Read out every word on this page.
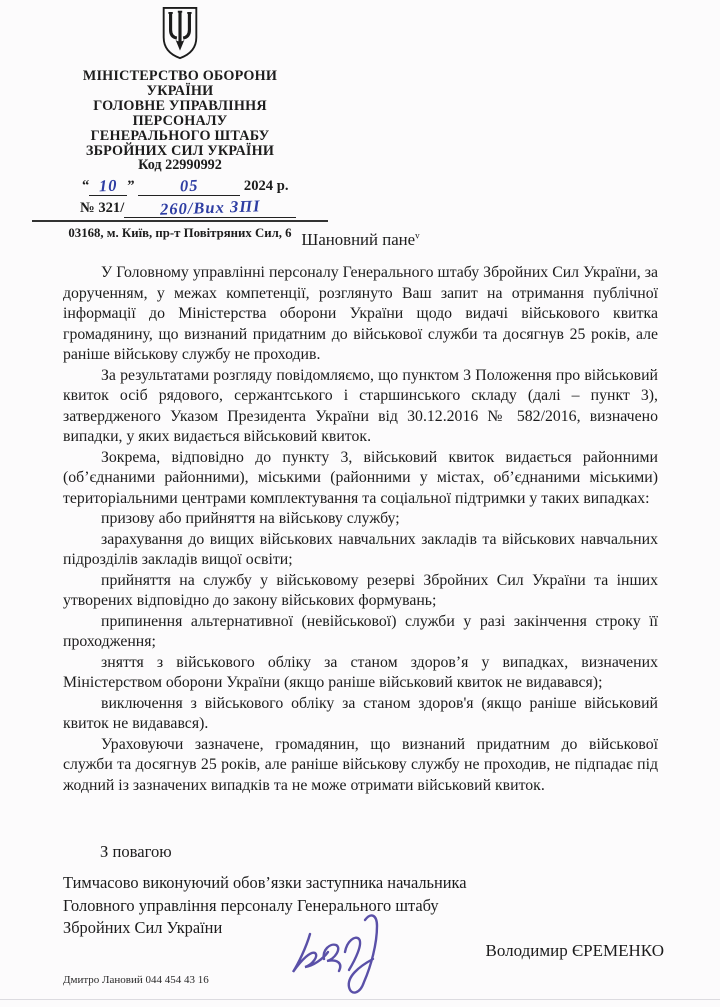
МІНІСТЕРСТВО ОБОРОНИ
УКРАЇНИ
ГОЛОВНЕ УПРАВЛІННЯ
ПЕРСОНАЛУ
ГЕНЕРАЛЬНОГО ШТАБУ
ЗБРОЙНИХ СИЛ УКРАЇНИ
Код 22990992
“ 10 ”	05	2024 р.
№ 321/ 260/Вих ЗПІ
03168, м. Київ, пр-т Повітряних Сил, 6 Шановний пане$^v$

У Головному управлінні персоналу Генерального штабу Збройних Сил України, за дорученням, у межах компетенції, розглянуто Ваш запит на отримання публічної інформації до Міністерства оборони України щодо видачі військового квитка громадянину, що визнаний придатним до військової служби та досягнув 25 років, але раніше військову службу не проходив.

За результатами розгляду повідомляємо, що пунктом 3 Положення про військовий квиток осіб рядового, сержантського і старшинського складу (далі – пункт 3), затвердженого Указом Президента України від 30.12.2016 № 582/2016, визначено випадки, у яких видається військовий квиток.

Зокрема, відповідно до пункту 3, військовий квиток видається районними (об’єднаними районними), міськими (районними у містах, об’єднаними міськими) територіальними центрами комплектування та соціальної підтримки у таких випадках:

призову або прийняття на військову службу;

зарахування до вищих військових навчальних закладів та військових навчальних підрозділів закладів вищої освіти;

прийняття на службу у військовому резерві Збройних Сил України та інших утворених відповідно до закону військових формувань;

припинення альтернативної (невійськової) служби у разі закінчення строку її проходження;

зняття з військового обліку за станом здоров’я у випадках, визначених Міністерством оборони України (якщо раніше військовий квиток не видавався);

виключення з військового обліку за станом здоров'я (якщо раніше військовий квиток не видавався).

Ураховуючи зазначене, громадянин, що визнаний придатним до військової служби та досягнув 25 років, але раніше військову службу не проходив, не підпадає під жодний із зазначених випадків та не може отримати військовий квиток.

З повагою
Тимчасово виконуючий обов’язки заступника начальника
Головного управління персоналу Генерального штабу
Збройних Сил України
Володимир ЄРЕМЕНКО
Дмитро Лановий 044 454 43 16
